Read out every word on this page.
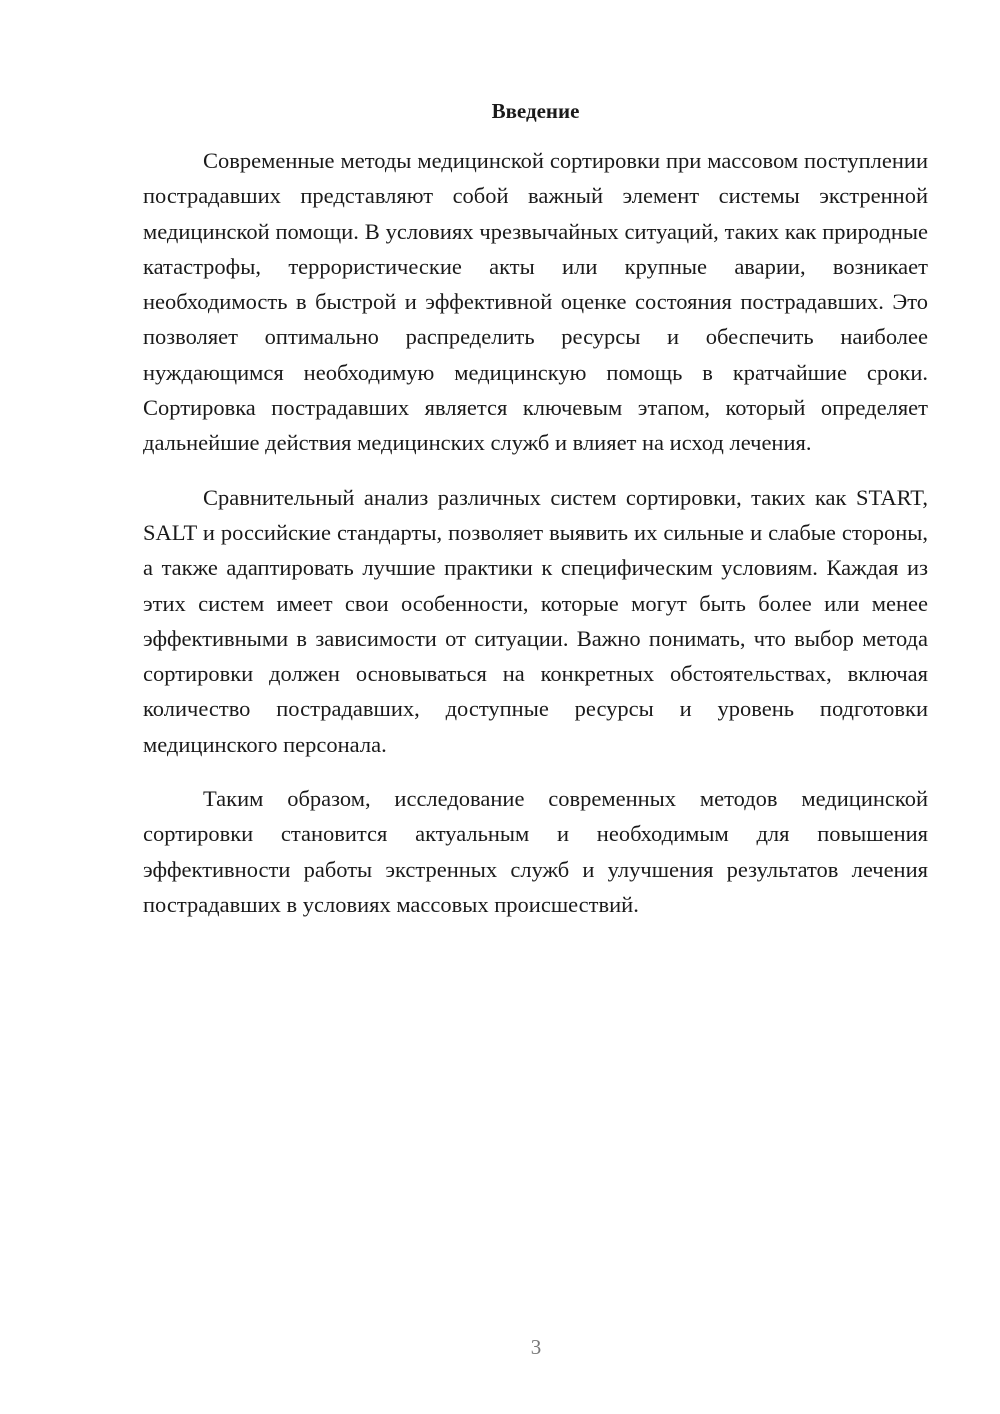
Введение

Современные методы медицинской сортировки при массовом поступлении пострадавших представляют собой важный элемент системы экстренной медицинской помощи. В условиях чрезвычайных ситуаций, таких как природные катастрофы, террористические акты или крупные аварии, возникает необходимость в быстрой и эффективной оценке состояния пострадавших. Это позволяет оптимально распределить ресурсы и обеспечить наиболее нуждающимся необходимую медицинскую помощь в кратчайшие сроки. Сортировка пострадавших является ключевым этапом, который определяет дальнейшие действия медицинских служб и влияет на исход лечения.

Сравнительный анализ различных систем сортировки, таких как START, SALT и российские стандарты, позволяет выявить их сильные и слабые стороны, а также адаптировать лучшие практики к специфическим условиям. Каждая из этих систем имеет свои особенности, которые могут быть более или менее эффективными в зависимости от ситуации. Важно понимать, что выбор метода сортировки должен основываться на конкретных обстоятельствах, включая количество пострадавших, доступные ресурсы и уровень подготовки медицинского персонала.

Таким образом, исследование современных методов медицинской сортировки становится актуальным и необходимым для повышения эффективности работы экстренных служб и улучшения результатов лечения пострадавших в условиях массовых происшествий.

3
